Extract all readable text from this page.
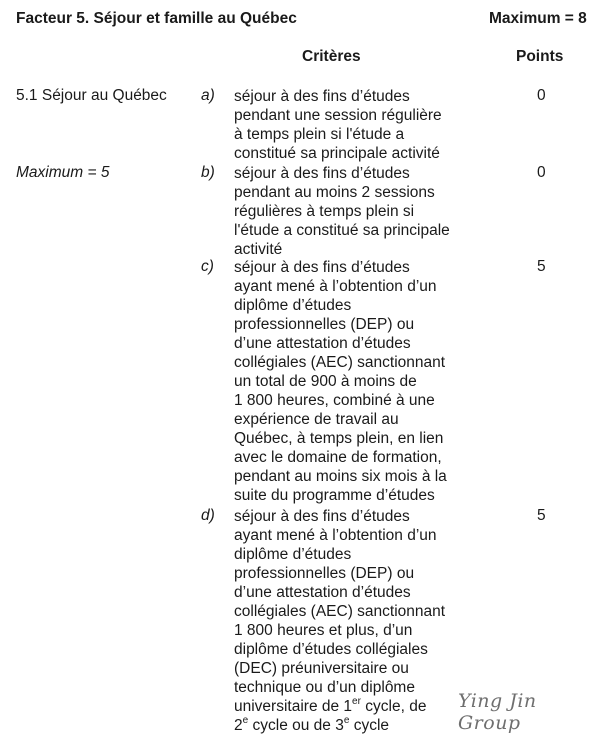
Facteur 5. Séjour et famille au Québec	Maximum = 8
Critères	Points
5.1 Séjour au Québec
Maximum = 5
a) séjour à des fins d’études
pendant une session régulière
à temps plein si l'étude a
constitué sa principale activité
0
b) séjour à des fins d’études
pendant au moins 2 sessions
régulières à temps plein si
l'étude a constitué sa principale
activité
0
c) séjour à des fins d’études
ayant mené à l’obtention d’un
diplôme d’études
professionnelles (DEP) ou
d’une attestation d’études
collégiales (AEC) sanctionnant
un total de 900 à moins de
1 800 heures, combiné à une
expérience de travail au
Québec, à temps plein, en lien
avec le domaine de formation,
pendant au moins six mois à la
suite du programme d’études
5
d) séjour à des fins d’études
ayant mené à l’obtention d’un
diplôme d’études
professionnelles (DEP) ou
d’une attestation d’études
collégiales (AEC) sanctionnant
1 800 heures et plus, d’un
diplôme d’études collégiales
(DEC) préuniversitaire ou
technique ou d’un diplôme
universitaire de 1er cycle, de
2e cycle ou de 3e cycle
5
Ying Jin Group
